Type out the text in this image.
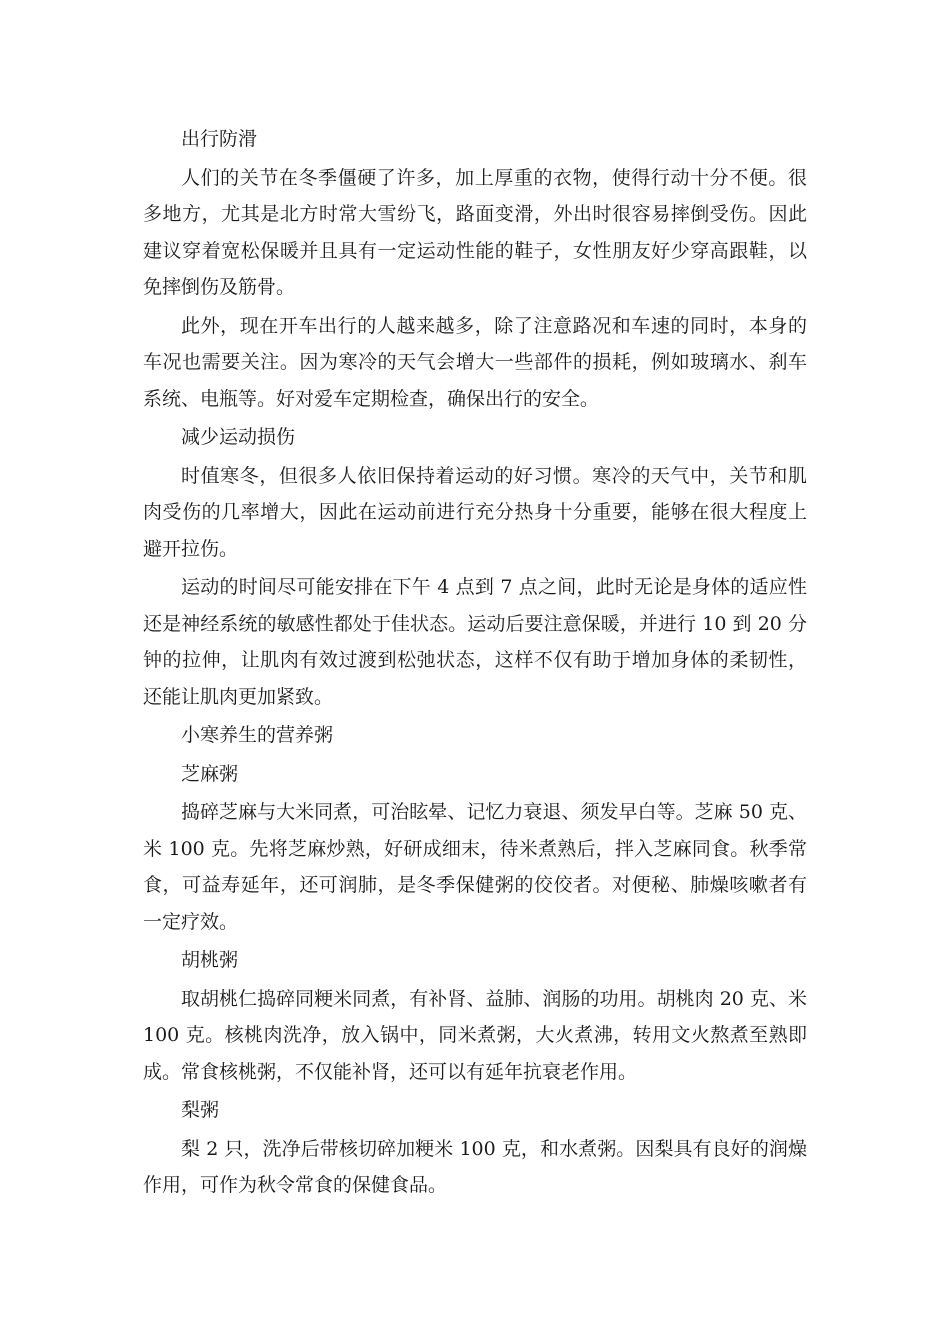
出行防滑

人们的关节在冬季僵硬了许多，加上厚重的衣物，使得行动十分不便。很多地方，尤其是北方时常大雪纷飞，路面变滑，外出时很容易摔倒受伤。因此建议穿着宽松保暖并且具有一定运动性能的鞋子，女性朋友好少穿高跟鞋，以免摔倒伤及筋骨。

此外，现在开车出行的人越来越多，除了注意路况和车速的同时，本身的车况也需要关注。因为寒冷的天气会增大一些部件的损耗，例如玻璃水、刹车系统、电瓶等。好对爱车定期检查，确保出行的安全。

减少运动损伤

时值寒冬，但很多人依旧保持着运动的好习惯。寒冷的天气中，关节和肌肉受伤的几率增大，因此在运动前进行充分热身十分重要，能够在很大程度上避开拉伤。

运动的时间尽可能安排在下午 4 点到 7 点之间，此时无论是身体的适应性还是神经系统的敏感性都处于佳状态。运动后要注意保暖，并进行 10 到 20 分钟的拉伸，让肌肉有效过渡到松弛状态，这样不仅有助于增加身体的柔韧性，还能让肌肉更加紧致。

小寒养生的营养粥

芝麻粥

捣碎芝麻与大米同煮，可治眩晕、记忆力衰退、须发早白等。芝麻 50 克、米 100 克。先将芝麻炒熟，好研成细末，待米煮熟后，拌入芝麻同食。秋季常食，可益寿延年，还可润肺，是冬季保健粥的佼佼者。对便秘、肺燥咳嗽者有一定疗效。

胡桃粥

取胡桃仁捣碎同粳米同煮，有补肾、益肺、润肠的功用。胡桃肉 20 克、米 100 克。核桃肉洗净，放入锅中，同米煮粥，大火煮沸，转用文火熬煮至熟即成。常食核桃粥，不仅能补肾，还可以有延年抗衰老作用。

梨粥

梨 2 只，洗净后带核切碎加粳米 100 克，和水煮粥。因梨具有良好的润燥作用，可作为秋令常食的保健食品。
